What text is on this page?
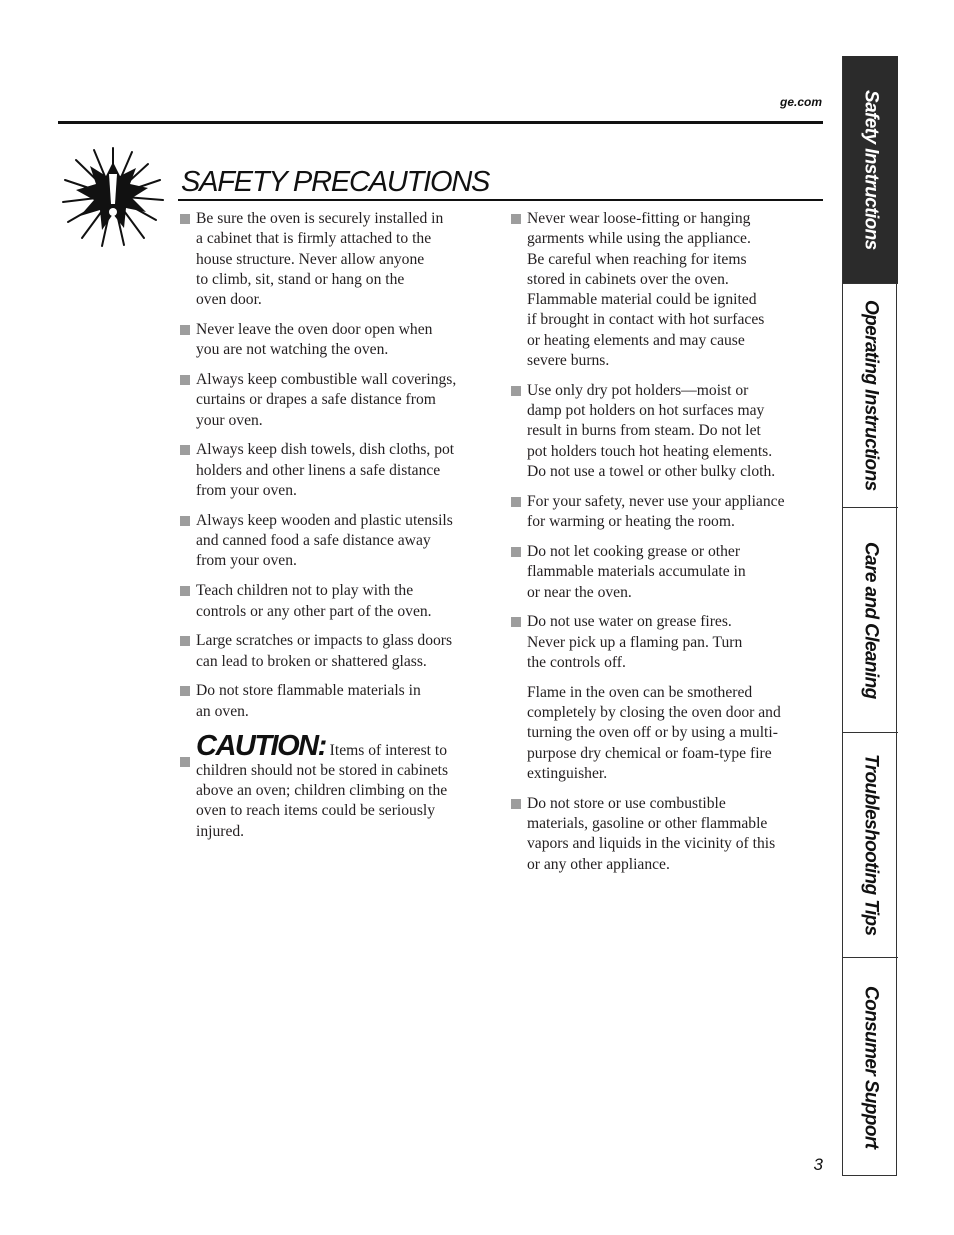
ge.com
SAFETY PRECAUTIONS
Be sure the oven is securely installed in
a cabinet that is firmly attached to the
house structure. Never allow anyone
to climb, sit, stand or hang on the
oven door.
Never leave the oven door open when
you are not watching the oven.
Always keep combustible wall coverings,
curtains or drapes a safe distance from
your oven.
Always keep dish towels, dish cloths, pot
holders and other linens a safe distance
from your oven.
Always keep wooden and plastic utensils
and canned food a safe distance away
from your oven.
Teach children not to play with the
controls or any other part of the oven.
Large scratches or impacts to glass doors
can lead to broken or shattered glass.
Do not store flammable materials in
an oven.
CAUTION: Items of interest to
children should not be stored in cabinets
above an oven; children climbing on the
oven to reach items could be seriously
injured.
Never wear loose-fitting or hanging
garments while using the appliance.
Be careful when reaching for items
stored in cabinets over the oven.
Flammable material could be ignited
if brought in contact with hot surfaces
or heating elements and may cause
severe burns.
Use only dry pot holders—moist or
damp pot holders on hot surfaces may
result in burns from steam. Do not let
pot holders touch hot heating elements.
Do not use a towel or other bulky cloth.
For your safety, never use your appliance
for warming or heating the room.
Do not let cooking grease or other
flammable materials accumulate in
or near the oven.
Do not use water on grease fires.
Never pick up a flaming pan. Turn
the controls off.
Flame in the oven can be smothered
completely by closing the oven door and
turning the oven off or by using a multi-
purpose dry chemical or foam-type fire
extinguisher.
Do not store or use combustible
materials, gasoline or other flammable
vapors and liquids in the vicinity of this
or any other appliance.
3
Safety Instructions
Operating Instructions
Care and Cleaning
Troubleshooting Tips
Consumer Support
